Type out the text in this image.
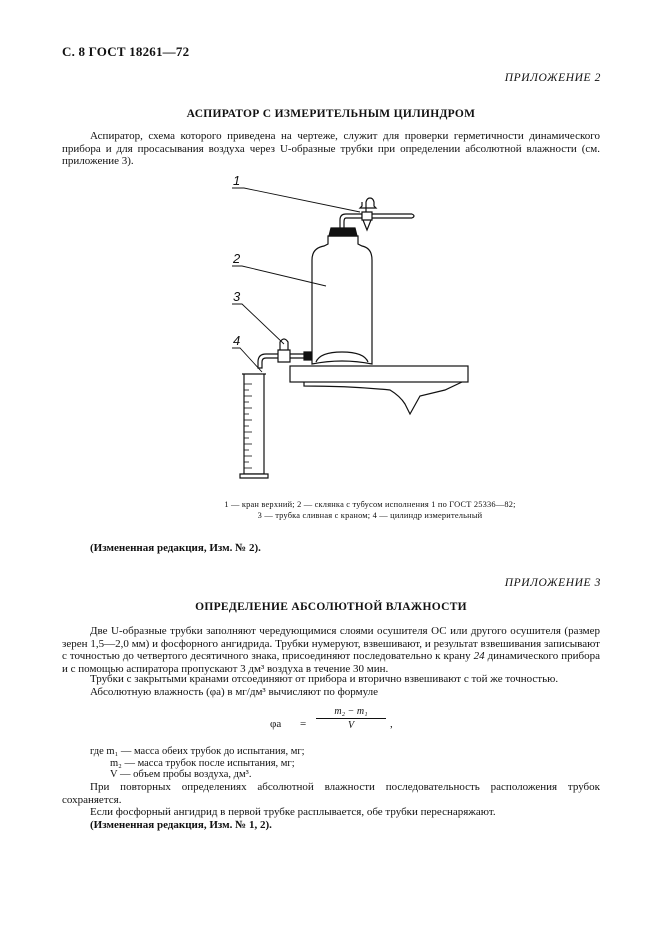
С. 8 ГОСТ 18261—72
ПРИЛОЖЕНИЕ 2
АСПИРАТОР С ИЗМЕРИТЕЛЬНЫМ ЦИЛИНДРОМ

Аспиратор, схема которого приведена на чертеже, служит для проверки герметичности динамического прибора и для просасывания воздуха через U-образные трубки при определении абсолютной влажности (см. приложение 3).

1
2
3
4
1 — кран верхний; 2 — склянка с тубусом исполнения 1 по ГОСТ 25336—82;
3 — трубка сливная с краном; 4 — цилиндр измерительный
(Измененная редакция, Изм. № 2).
ПРИЛОЖЕНИЕ 3
ОПРЕДЕЛЕНИЕ АБСОЛЮТНОЙ ВЛАЖНОСТИ

Две U-образные трубки заполняют чередующимися слоями осушителя ОС или другого осушителя (размер зерен 1,5—2,0 мм) и фосфорного ангидрида. Трубки нумеруют, взвешивают, и результат взвешивания записывают с точностью до четвертого десятичного знака, присоединяют последовательно к крану 24 динамического прибора и с помощью аспиратора пропускают 3 дм³ воздуха в течение 30 мин.

Трубки с закрытыми кранами отсоединяют от прибора и вторично взвешивают с той же точностью.

Абсолютную влажность (φа) в мг/дм³ вычисляют по формуле

φа =
m₂ − m₁
V	,
где m₁ — масса обеих трубок до испытания, мг;
m₂ — масса трубок после испытания, мг;
V — объем пробы воздуха, дм³.

При повторных определениях абсолютной влажности последовательность расположения трубок сохраняется.

Если фосфорный ангидрид в первой трубке расплывается, обе трубки переснаряжают.

(Измененная редакция, Изм. № 1, 2).
